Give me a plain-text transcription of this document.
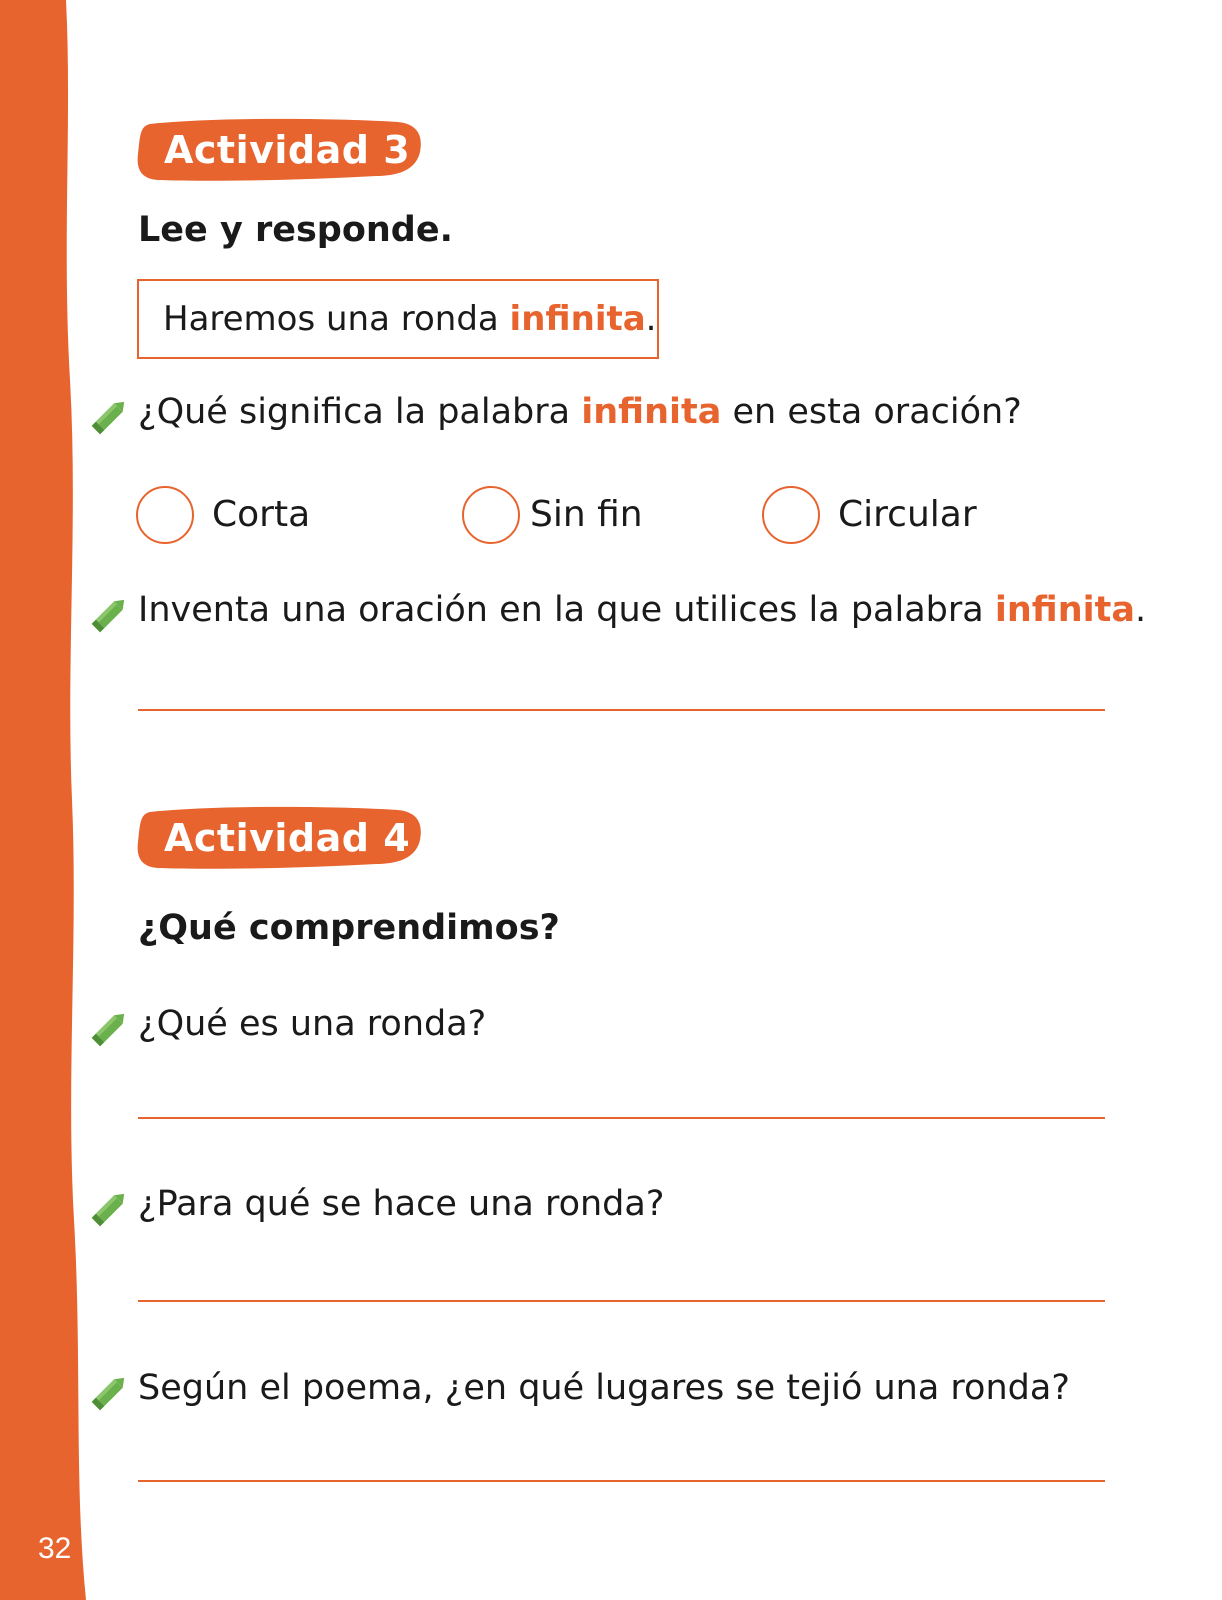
32
Actividad 3
Lee y responde.
Haremos una ronda infinita.
¿Qué significa la palabra infinita en esta oración?
Corta	Sin fin	Circular
Inventa una oración en la que utilices la palabra infinita.
Actividad 4
¿Qué comprendimos?
¿Qué es una ronda?
¿Para qué se hace una ronda?
Según el poema, ¿en qué lugares se tejió una ronda?
